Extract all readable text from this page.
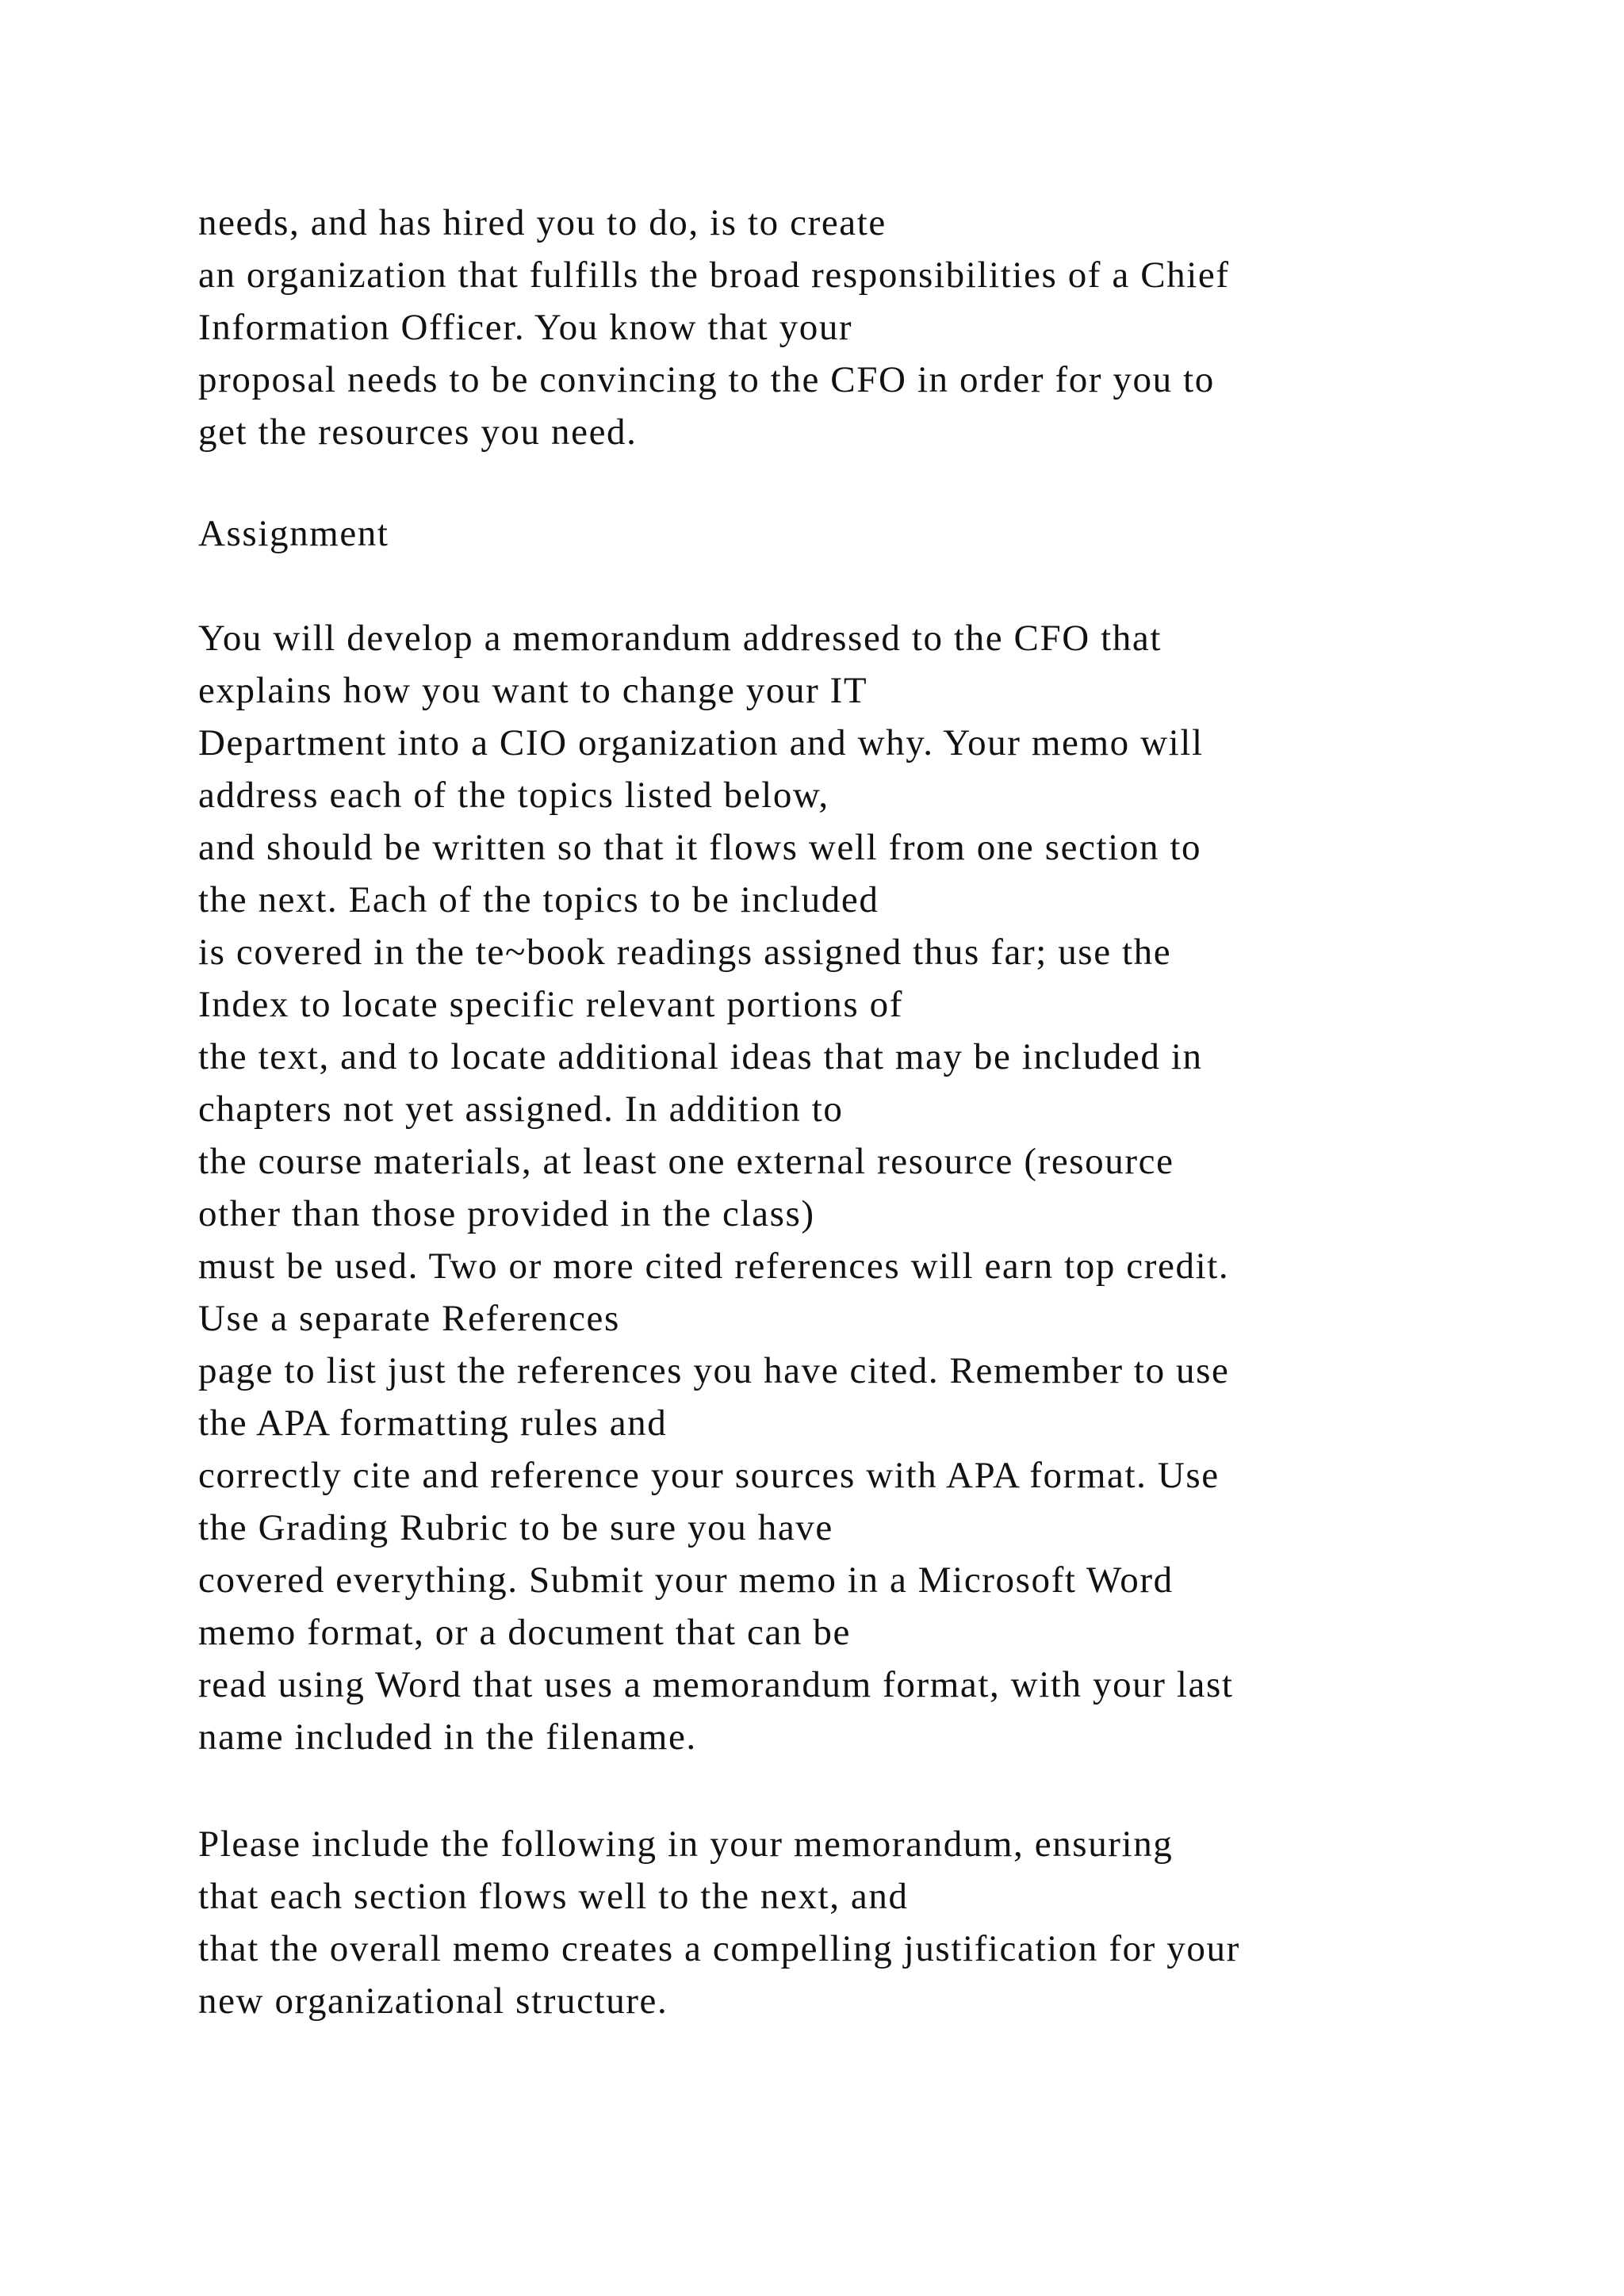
needs, and has hired you to do, is to create
an organization that fulfills the broad responsibilities of a Chief
Information Officer. You know that your
proposal needs to be convincing to the CFO in order for you to
get the resources you need.
Assignment
You will develop a memorandum addressed to the CFO that
explains how you want to change your IT
Department into a CIO organization and why. Your memo will
address each of the topics listed below,
and should be written so that it flows well from one section to
the next. Each of the topics to be included
is covered in the te~book readings assigned thus far; use the
Index to locate specific relevant portions of
the text, and to locate additional ideas that may be included in
chapters not yet assigned. In addition to
the course materials, at least one external resource (resource
other than those provided in the class)
must be used. Two or more cited references will earn top credit.
Use a separate References
page to list just the references you have cited. Remember to use
the APA formatting rules and
correctly cite and reference your sources with APA format. Use
the Grading Rubric to be sure you have
covered everything. Submit your memo in a Microsoft Word
memo format, or a document that can be
read using Word that uses a memorandum format, with your last
name included in the filename.
Please include the following in your memorandum, ensuring
that each section flows well to the next, and
that the overall memo creates a compelling justification for your
new organizational structure.
